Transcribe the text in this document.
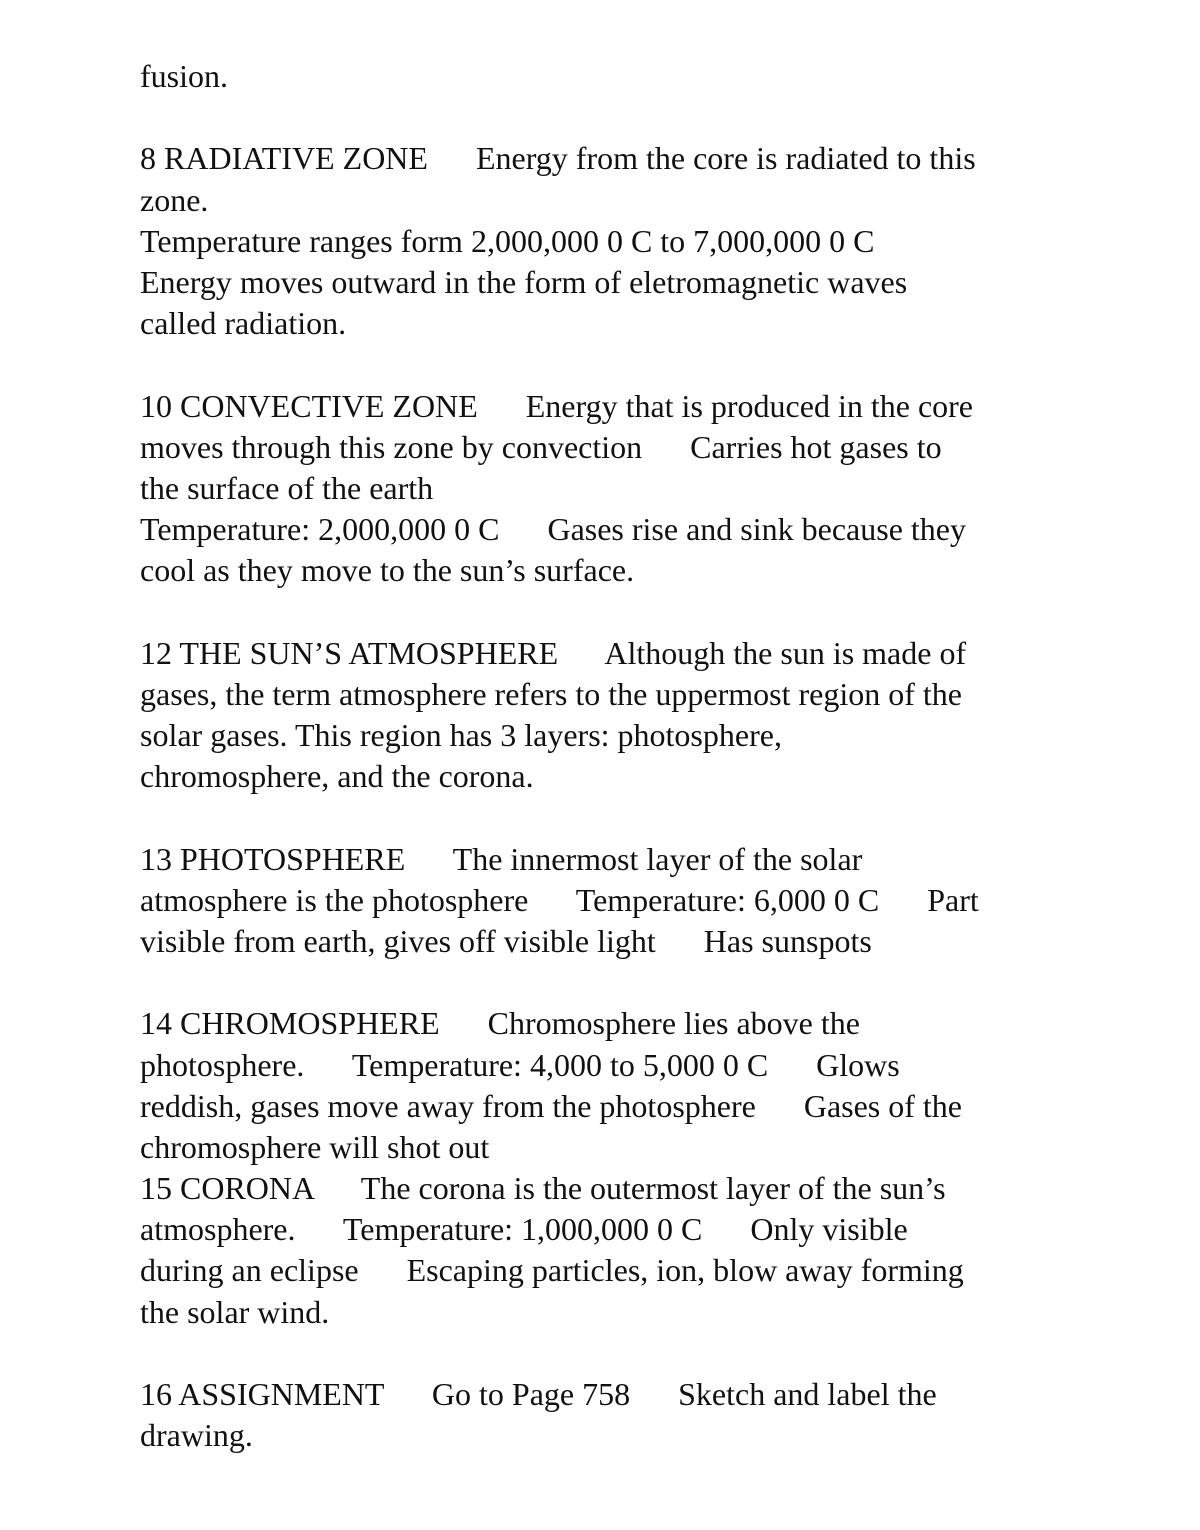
fusion.
8 RADIATIVE ZONE      Energy from the core is radiated to this
zone.
Temperature ranges form 2,000,000 0 C to 7,000,000 0 C
Energy moves outward in the form of eletromagnetic waves
called radiation.
10 CONVECTIVE ZONE      Energy that is produced in the core
moves through this zone by convection      Carries hot gases to
the surface of the earth
Temperature: 2,000,000 0 C      Gases rise and sink because they
cool as they move to the sun’s surface.
12 THE SUN’S ATMOSPHERE      Although the sun is made of
gases, the term atmosphere refers to the uppermost region of the
solar gases. This region has 3 layers: photosphere,
chromosphere, and the corona.
13 PHOTOSPHERE      The innermost layer of the solar
atmosphere is the photosphere      Temperature: 6,000 0 C      Part
visible from earth, gives off visible light      Has sunspots
14 CHROMOSPHERE      Chromosphere lies above the
photosphere.      Temperature: 4,000 to 5,000 0 C      Glows
reddish, gases move away from the photosphere      Gases of the
chromosphere will shot out
15 CORONA      The corona is the outermost layer of the sun’s
atmosphere.      Temperature: 1,000,000 0 C      Only visible
during an eclipse      Escaping particles, ion, blow away forming
the solar wind.
16 ASSIGNMENT      Go to Page 758      Sketch and label the
drawing.
